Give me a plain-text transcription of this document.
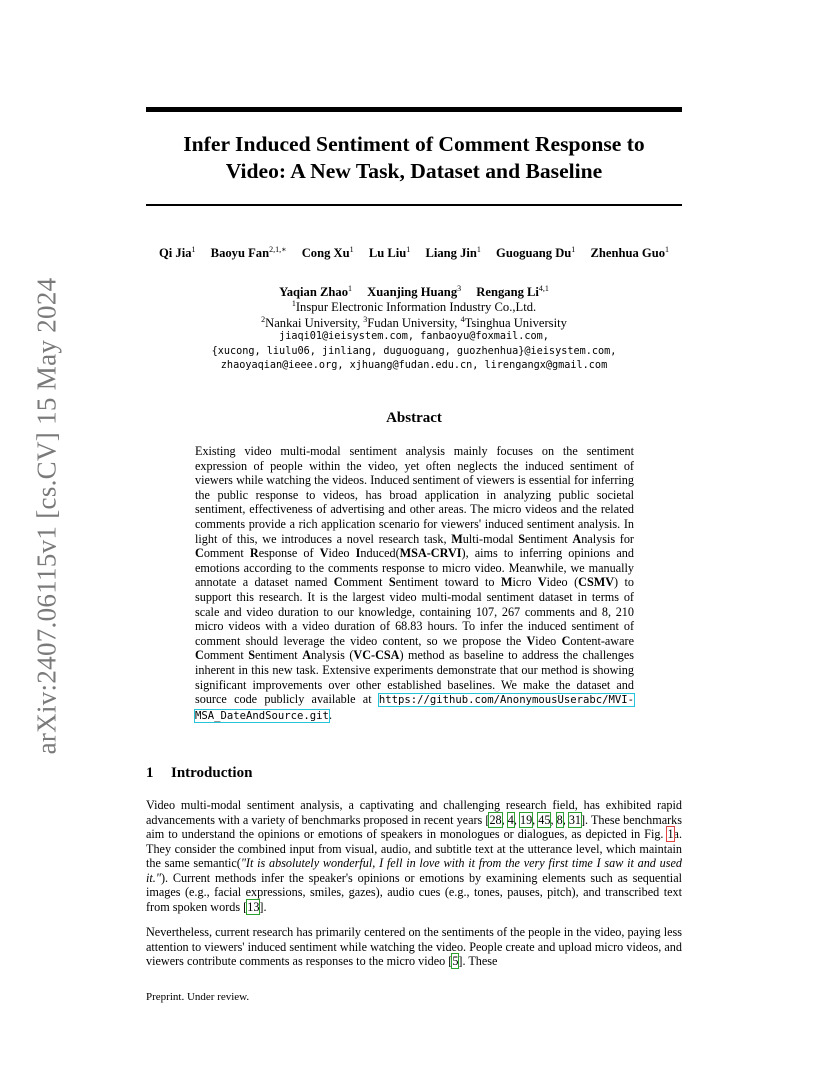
arXiv:2407.06115v1 [cs.CV] 15 May 2024
Infer Induced Sentiment of Comment Response to
Video: A New Task, Dataset and Baseline
Qi Jia$^1$ Baoyu Fan$^{2,1,∗}$ Cong Xu$^1$ Lu Liu$^1$ Liang Jin$^1$ Guoguang Du$^1$ Zhenhua Guo$^1$
Yaqian Zhao$^1$ Xuanjing Huang$^3$ Rengang Li$^{4,1}$
$^1$Inspur Electronic Information Industry Co.,Ltd.
$^2$Nankai University, $^3$Fudan University, $^4$Tsinghua University
jiaqi01@ieisystem.com, fanbaoyu@foxmail.com,
{xucong, liulu06, jinliang, duguoguang, guozhenhua}@ieisystem.com,
zhaoyaqian@ieee.org, xjhuang@fudan.edu.cn, lirengangx@gmail.com
Abstract
Existing video multi-modal sentiment analysis mainly focuses on the sentiment expression of people within the video, yet often neglects the induced sentiment of viewers while watching the videos. Induced sentiment of viewers is essential for inferring the public response to videos, has broad application in analyzing public societal sentiment, effectiveness of advertising and other areas. The micro videos and the related comments provide a rich application scenario for viewers' induced sentiment analysis. In light of this, we introduces a novel research task, Multi-modal Sentiment Analysis for Comment Response of Video Induced(MSA-CRVI), aims to inferring opinions and emotions according to the comments response to micro video. Meanwhile, we manually annotate a dataset named Comment Sentiment toward to Micro Video (CSMV) to support this research. It is the largest video multi-modal sentiment dataset in terms of scale and video duration to our knowledge, containing 107, 267 comments and 8, 210 micro videos with a video duration of 68.83 hours. To infer the induced sentiment of comment should leverage the video content, so we propose the Video Content-aware Comment Sentiment Analysis (VC-CSA) method as baseline to address the challenges inherent in this new task. Extensive experiments demonstrate that our method is showing significant improvements over other established baselines. We make the dataset and source code publicly available at https://github.com/AnonymousUserabc/MVI-MSA_DateAndSource.git.
1 Introduction
Video multi-modal sentiment analysis, a captivating and challenging research field, has exhibited rapid advancements with a variety of benchmarks proposed in recent years [28, 4, 19, 45, 8, 31]. These benchmarks aim to understand the opinions or emotions of speakers in monologues or dialogues, as depicted in Fig. 1a. They consider the combined input from visual, audio, and subtitle text at the utterance level, which maintain the same semantic("It is absolutely wonderful, I fell in love with it from the very first time I saw it and used it."). Current methods infer the speaker's opinions or emotions by examining elements such as sequential images (e.g., facial expressions, smiles, gazes), audio cues (e.g., tones, pauses, pitch), and transcribed text from spoken words [13].
Nevertheless, current research has primarily centered on the sentiments of the people in the video, paying less attention to viewers' induced sentiment while watching the video. People create and upload micro videos, and viewers contribute comments as responses to the micro video [5]. These
Preprint. Under review.
